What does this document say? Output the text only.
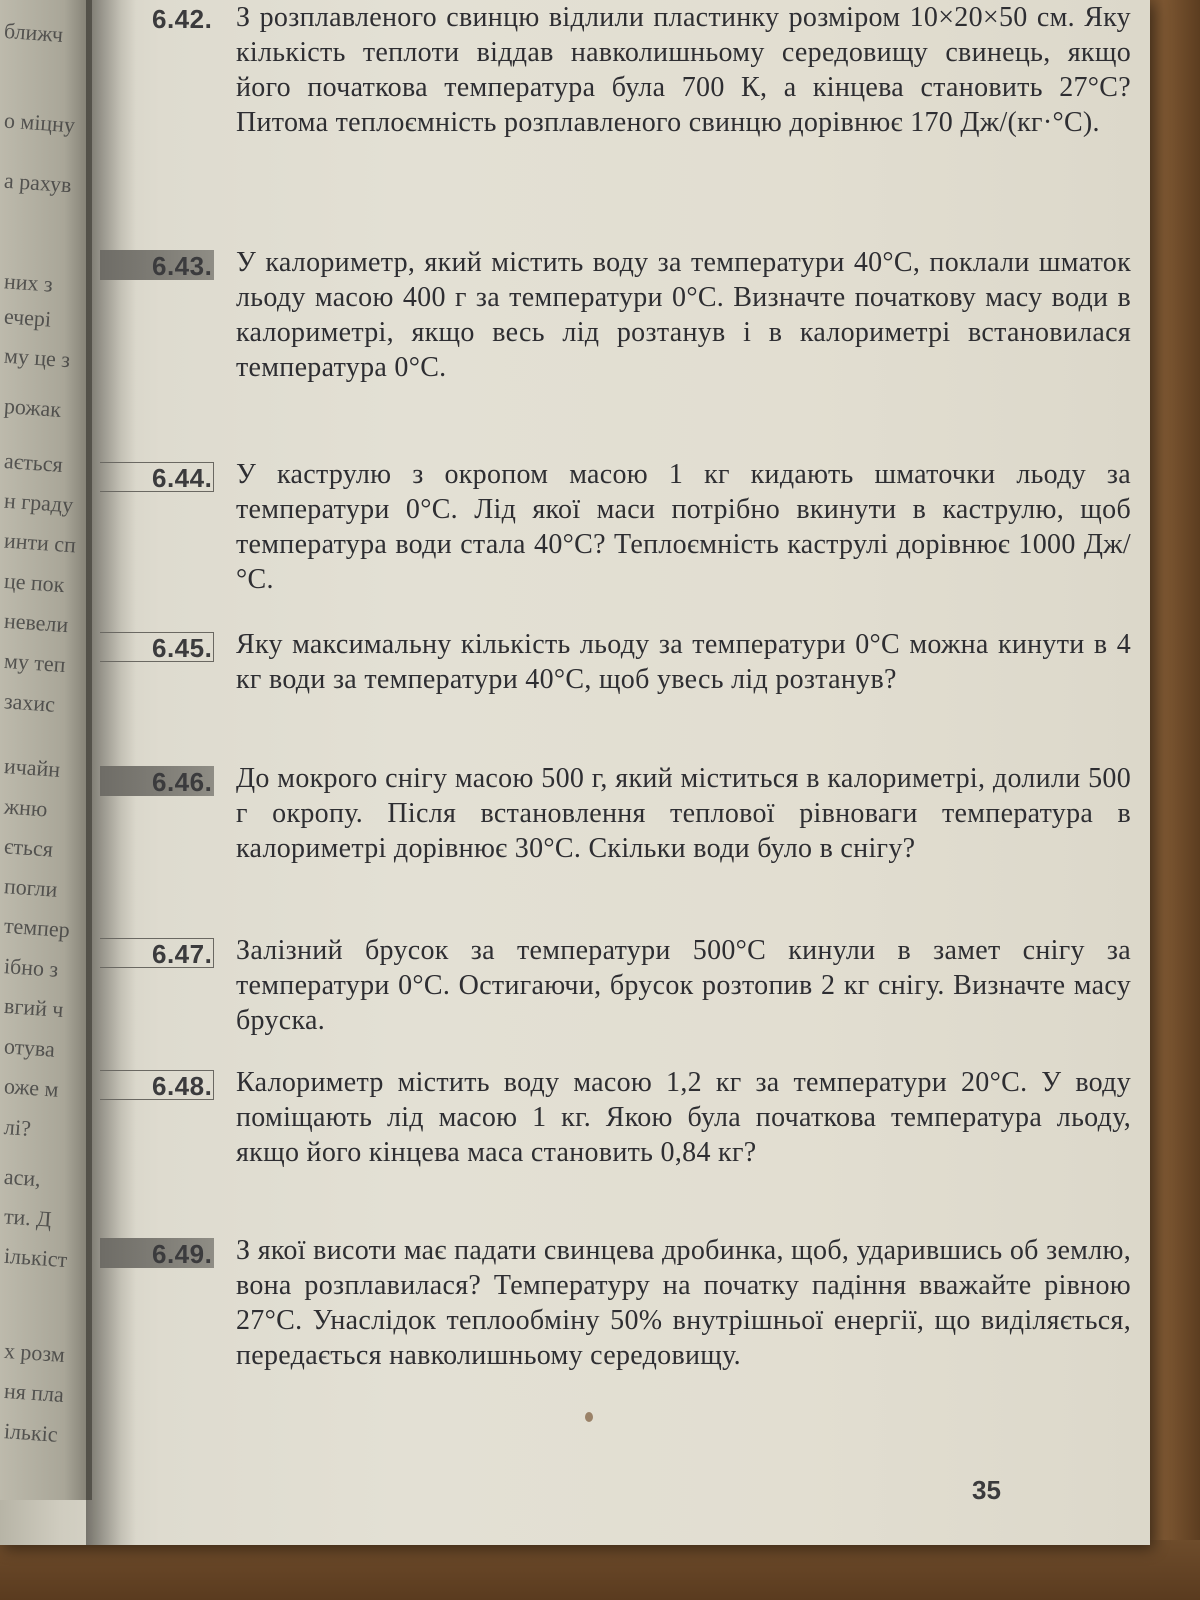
ближч
о міцну
а рахув
них з
ечері
му це з
рожак
ається
н граду
инти сп
це пок
невели
му теп
захис
ичайн
жню
ється
погли
темпер
ібно з
вгий ч
отува
оже м
лі?
аси,
ти. Д
ількіст
х розм
ня пла
ількіс
6.42. З розплавленого свинцю відлили пластинку розміром 10×20×50 см. Яку кількість теплоти віддав навколишньому середовищу свинець, якщо його початкова температура була 700 К, а кінцева становить 27°С? Питома теплоємність розплавленого свинцю дорівнює 170 Дж/(кг·°С).
6.43. У калориметр, який містить воду за температури 40°С, поклали шматок льоду масою 400 г за температури 0°С. Визначте початкову масу води в калориметрі, якщо весь лід розтанув і в калориметрі встановилася температура 0°С.
6.44. У каструлю з окропом масою 1 кг кидають шматочки льоду за температури 0°С. Лід якої маси потрібно вкинути в каструлю, щоб температура води стала 40°С? Теплоємність каструлі дорівнює 1000 Дж/°С.
6.45. Яку максимальну кількість льоду за температури 0°С можна кинути в 4 кг води за температури 40°С, щоб увесь лід розтанув?
6.46. До мокрого снігу масою 500 г, який міститься в калориметрі, долили 500 г окропу. Після встановлення теплової рівноваги температура в калориметрі дорівнює 30°С. Скільки води було в снігу?
6.47. Залізний брусок за температури 500°С кинули в замет снігу за температури 0°С. Остигаючи, брусок розтопив 2 кг снігу. Визначте масу бруска.
6.48. Калориметр містить воду масою 1,2 кг за температури 20°С. У воду поміщають лід масою 1 кг. Якою була початкова температура льоду, якщо його кінцева маса становить 0,84 кг?
6.49. З якої висоти має падати свинцева дробинка, щоб, ударившись об землю, вона розплавилася? Температуру на початку падіння вважайте рівною 27°С. Унаслідок теплообміну 50% внутрішньої енергії, що виділяється, передається навколишньому середовищу.
35
